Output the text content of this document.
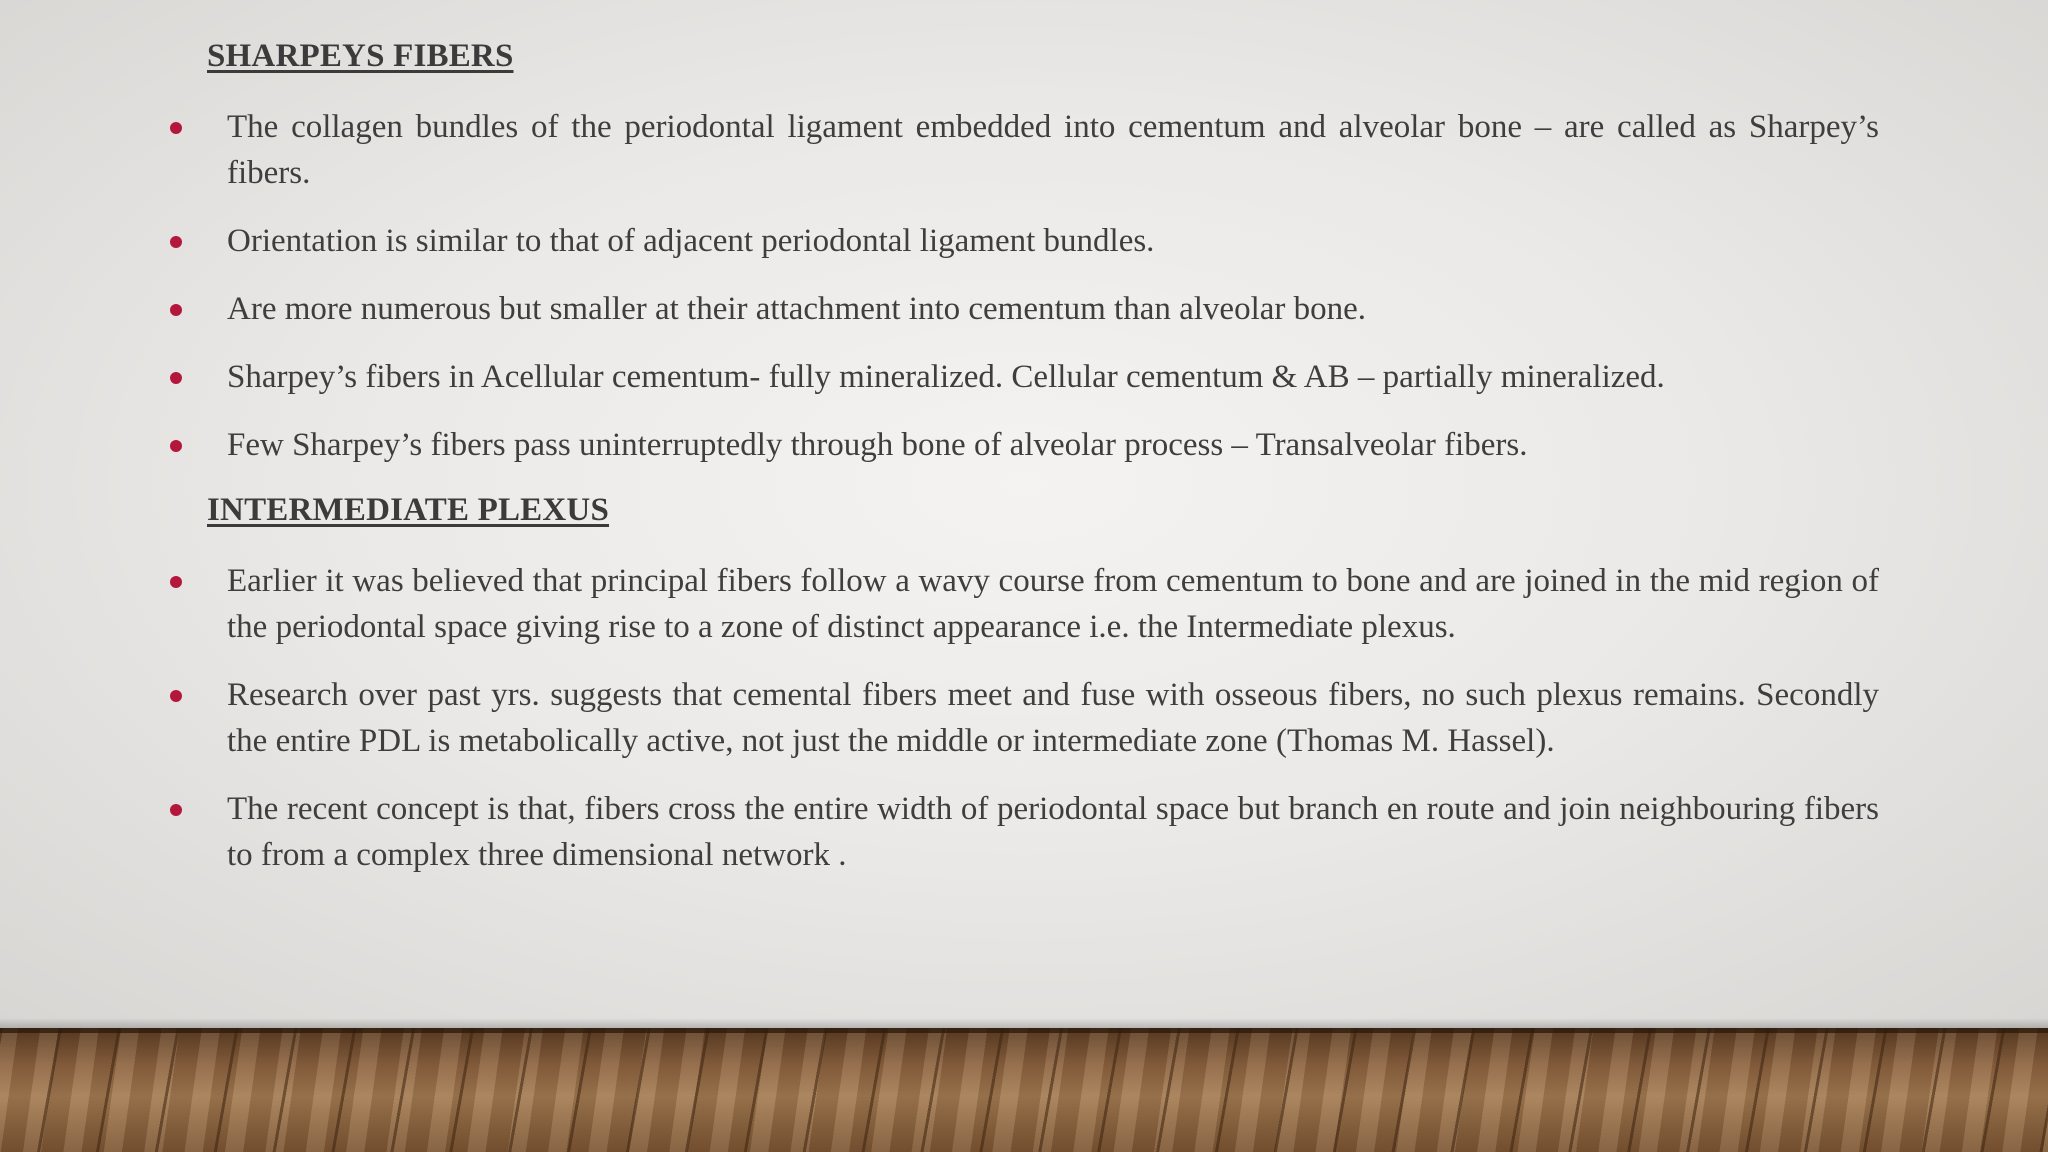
SHARPEYS FIBERS
The collagen bundles of the periodontal ligament embedded into cementum and alveolar bone – are called as Sharpey’s fibers.
Orientation is similar to that of adjacent periodontal ligament bundles.
Are more numerous but smaller at their attachment into cementum than alveolar bone.
Sharpey’s fibers in Acellular cementum- fully mineralized. Cellular cementum & AB – partially mineralized.
Few Sharpey’s fibers pass uninterruptedly through bone of alveolar process – Transalveolar fibers.
INTERMEDIATE PLEXUS
Earlier it was believed that principal fibers follow a wavy course from cementum to bone and are joined in the mid region of the periodontal space giving rise to a zone of distinct appearance i.e. the Intermediate plexus.
Research over past yrs. suggests that cemental fibers meet and fuse with osseous fibers, no such plexus remains. Secondly the entire PDL is metabolically active, not just the middle or intermediate zone (Thomas M. Hassel).
The recent concept is that, fibers cross the entire width of periodontal space but branch en route and join neighbouring fibers to from a complex three dimensional network .
